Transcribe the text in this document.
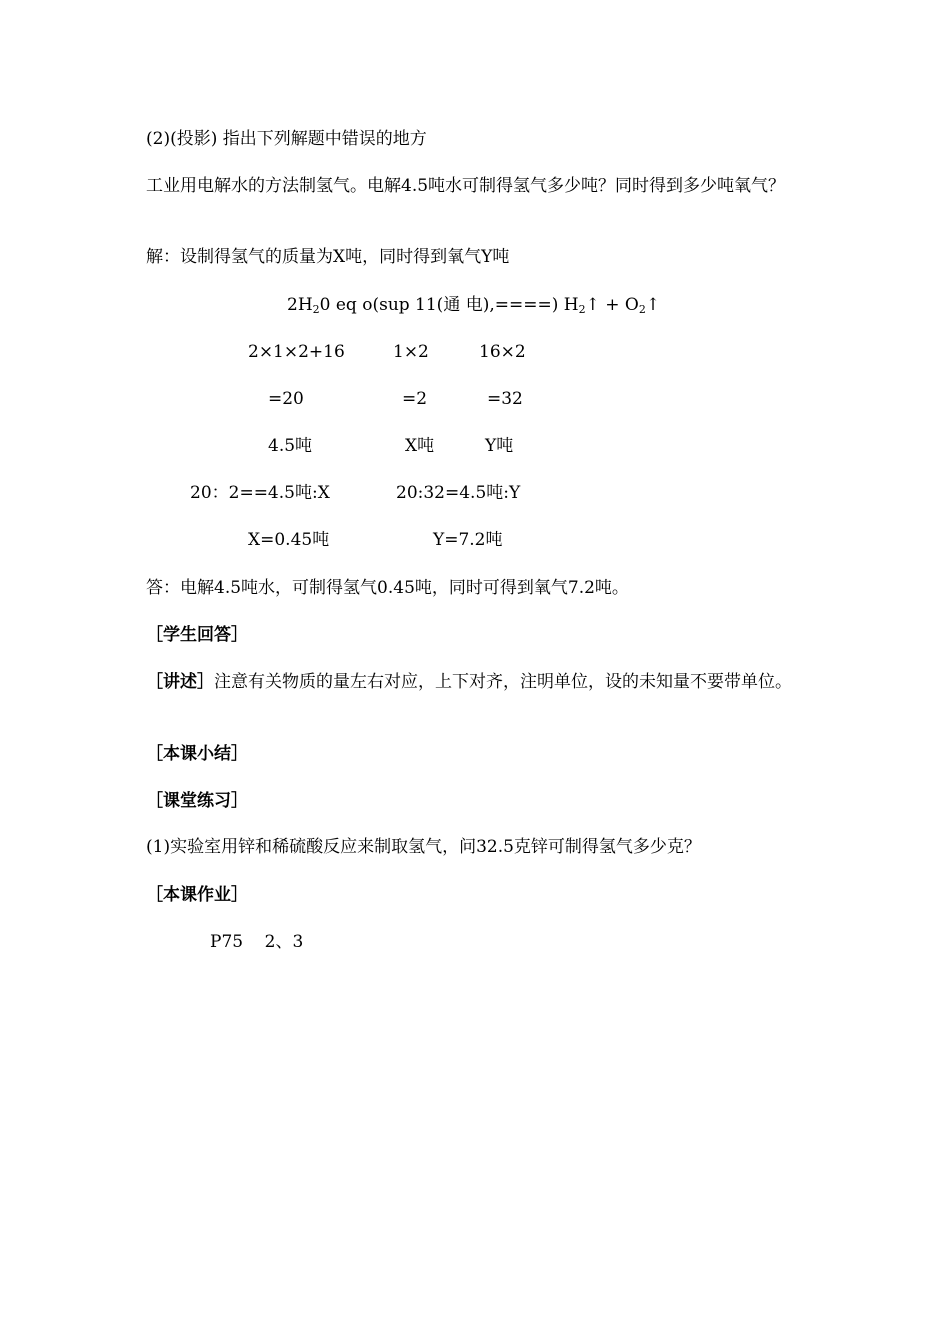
(2)(投影) 指出下列解题中错误的地方
工业用电解水的方法制氢气。电解4.5吨水可制得氢气多少吨？同时得到多少吨氧气？
解：设制得氢气的质量为X吨，同时得到氧气Y吨
$2H_20$ eq o(sup 11(通 电),====) $H_2↑$ + $O_2↑$
2×1×2+16	1×2	16×2
=20	=2	=32
4.5吨	X吨	Y吨
20：2==4.5吨:X	20:32=4.5吨:Y
X=0.45吨	Y=7.2吨
答：电解4.5吨水，可制得氢气0.45吨，同时可得到氧气7.2吨。
［学生回答］
［讲述］注意有关物质的量左右对应，上下对齐，注明单位，设的未知量不要带单位。
［本课小结］
［课堂练习］
(1)实验室用锌和稀硫酸反应来制取氢气，问32.5克锌可制得氢气多少克？
［本课作业］
P75    2、3
